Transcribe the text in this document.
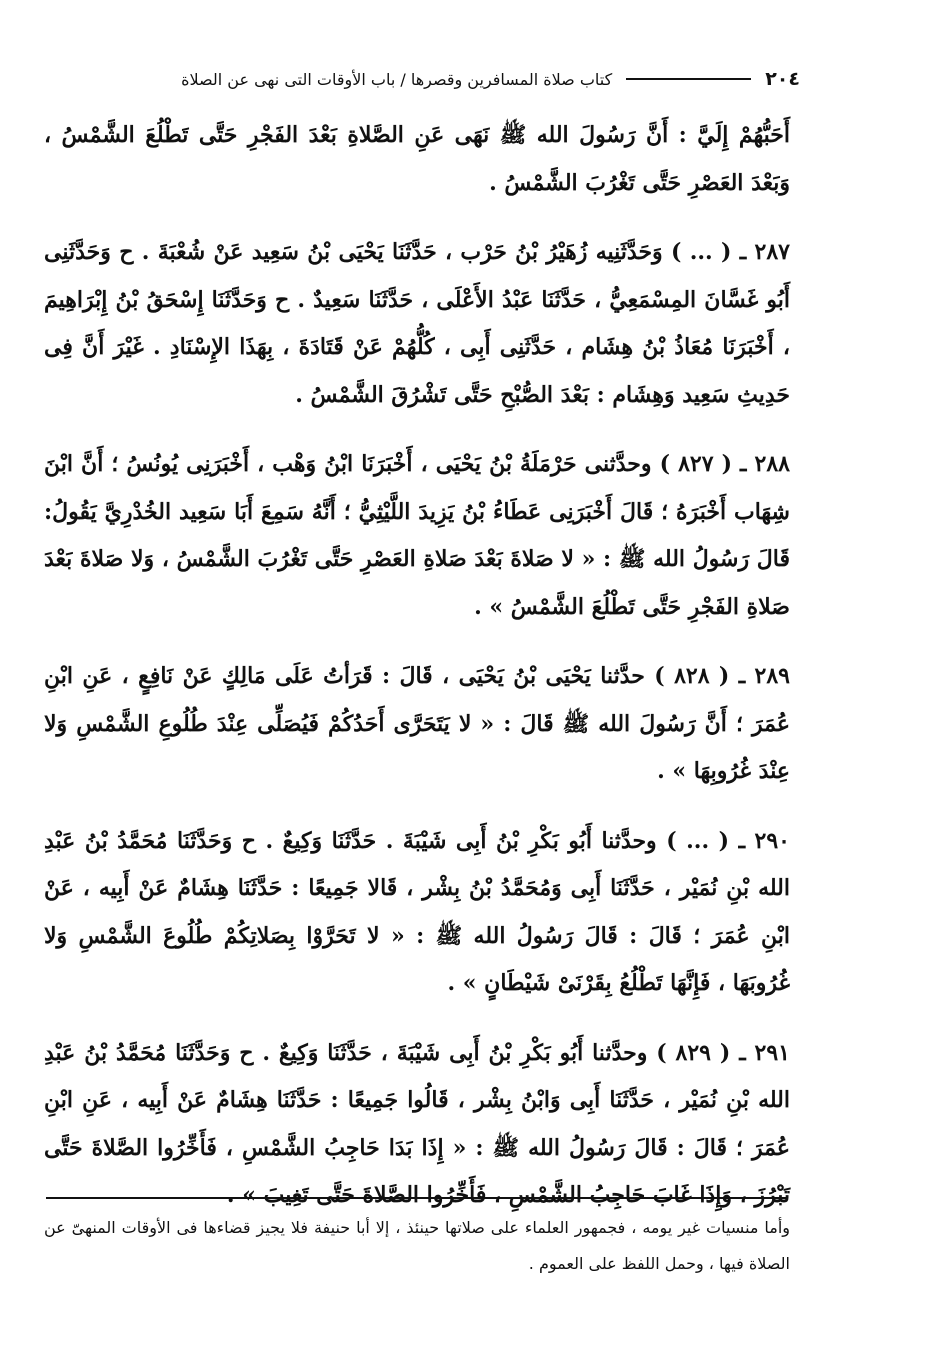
٢٠٤
كتاب صلاة المسافرين وقصرها / باب الأوقات التى نهى عن الصلاة

أَحَبُّهُمْ إِلَيَّ : أَنَّ رَسُولَ الله ﷺ نَهَى عَنِ الصَّلاةِ بَعْدَ الفَجْرِ حَتَّى تَطْلُعَ الشَّمْسُ ، وَبَعْدَ العَصْرِ حَتَّى تَغْرُبَ الشَّمْسُ .

٢٨٧ ـ ( ... ) وَحَدَّثَنِيه زُهَيْرُ بْنُ حَرْب ، حَدَّثَنَا يَحْيَى بْنُ سَعِيد عَنْ شُعْبَةَ . ح وَحَدَّثَنِى أَبُو غَسَّانَ المِسْمَعِيُّ ، حَدَّثَنَا عَبْدُ الأَعْلَى ، حَدَّثَنَا سَعِيدٌ . ح وَحَدَّثَنَا إِسْحَقُ بْنُ إِبْرَاهِيمَ ، أَخْبَرَنَا مُعَاذُ بْنُ هِشَام ، حَدَّثَنِى أَبِى ، كُلُّهُمْ عَنْ قَتَادَةَ ، بِهَذَا الإِسْنَادِ . غَيْرَ أَنَّ فِى حَدِيثِ سَعِيد وَهِشَام : بَعْدَ الصُّبْحِ حَتَّى تَشْرُقَ الشَّمْسُ .

٢٨٨ ـ ( ٨٢٧ ) وحدَّثنى حَرْمَلَةُ بْنُ يَحْيَى ، أَخْبَرَنَا ابْنُ وَهْب ، أَخْبَرَنِى يُونُسُ ؛ أَنَّ ابْنَ شِهَاب أَخْبَرَهُ ؛ قَالَ أَخْبَرَنِى عَطَاءُ بْنُ يَزِيدَ اللَّيْثِيُّ ؛ أَنَّهُ سَمِعَ أَبَا سَعِيد الخُدْرِيَّ يَقُولُ: قَالَ رَسُولُ الله ﷺ : « لا صَلاةَ بَعْدَ صَلاةِ العَصْرِ حَتَّى تَغْرُبَ الشَّمْسُ ، وَلا صَلاةَ بَعْدَ صَلاةِ الفَجْرِ حَتَّى تَطْلُعَ الشَّمْسُ » .

٢٨٩ ـ ( ٨٢٨ ) حدَّثنا يَحْيَى بْنُ يَحْيَى ، قَالَ : قَرَأتُ عَلَى مَالِكٍ عَنْ نَافِعٍ ، عَنِ ابْنِ عُمَرَ ؛ أَنَّ رَسُولَ الله ﷺ قَالَ : « لا يَتَحَرَّى أَحَدُكُمْ فَيُصَلِّى عِنْدَ طُلُوعِ الشَّمْسِ وَلا عِنْدَ غُرُوبِهَا » .

٢٩٠ ـ ( ... ) وحدَّثنا أَبُو بَكْرِ بْنُ أَبِى شَيْبَةَ . حَدَّثَنَا وَكِيعٌ . ح وَحَدَّثَنَا مُحَمَّدُ بْنُ عَبْدِ الله بْنِ نُمَيْر ، حَدَّثَنَا أَبِى وَمُحَمَّدُ بْنُ بِشْر ، قَالا جَمِيعًا : حَدَّثَنَا هِشَامٌ عَنْ أَبِيه ، عَنْ ابْنِ عُمَرَ ؛ قَالَ : قَالَ رَسُولُ الله ﷺ : « لا تَحَرَّوْا بِصَلاتِكُمْ طُلُوعَ الشَّمْسِ وَلا غُرُوبَهَا ، فَإِنَّهَا تَطْلُعُ بِقَرْنَىْ شَيْطَانٍ » .

٢٩١ ـ ( ٨٢٩ ) وحدَّثنا أَبُو بَكْرِ بْنُ أَبِى شَيْبَةَ ، حَدَّثَنَا وَكِيعٌ . ح وَحَدَّثَنَا مُحَمَّدُ بْنُ عَبْدِ الله بْنِ نُمَيْر ، حَدَّثَنَا أَبِى وَابْنُ بِشْر ، قَالُوا جَمِيعًا : حَدَّثَنَا هِشَامٌ عَنْ أَبِيه ، عَنِ ابْنِ عُمَرَ ؛ قَالَ : قَالَ رَسُولُ الله ﷺ : « إِذَا بَدَا حَاجِبُ الشَّمْسِ ، فَأَخِّرُوا الصَّلاةَ حَتَّى تَبْرُزَ ، وَإِذَا غَابَ حَاجِبُ الشَّمْسِ ، فَأَخِّرُوا الصَّلاةَ حَتَّى تَغِيبَ » .

وأما منسيات غير يومه ، فجمهور العلماء على صلاتها حينئذ ، إلا أبا حنيفة فلا يجيز قضاءها فى الأوقات المنهىّ عن الصلاة فيها ، وحمل اللفظ على العموم .
